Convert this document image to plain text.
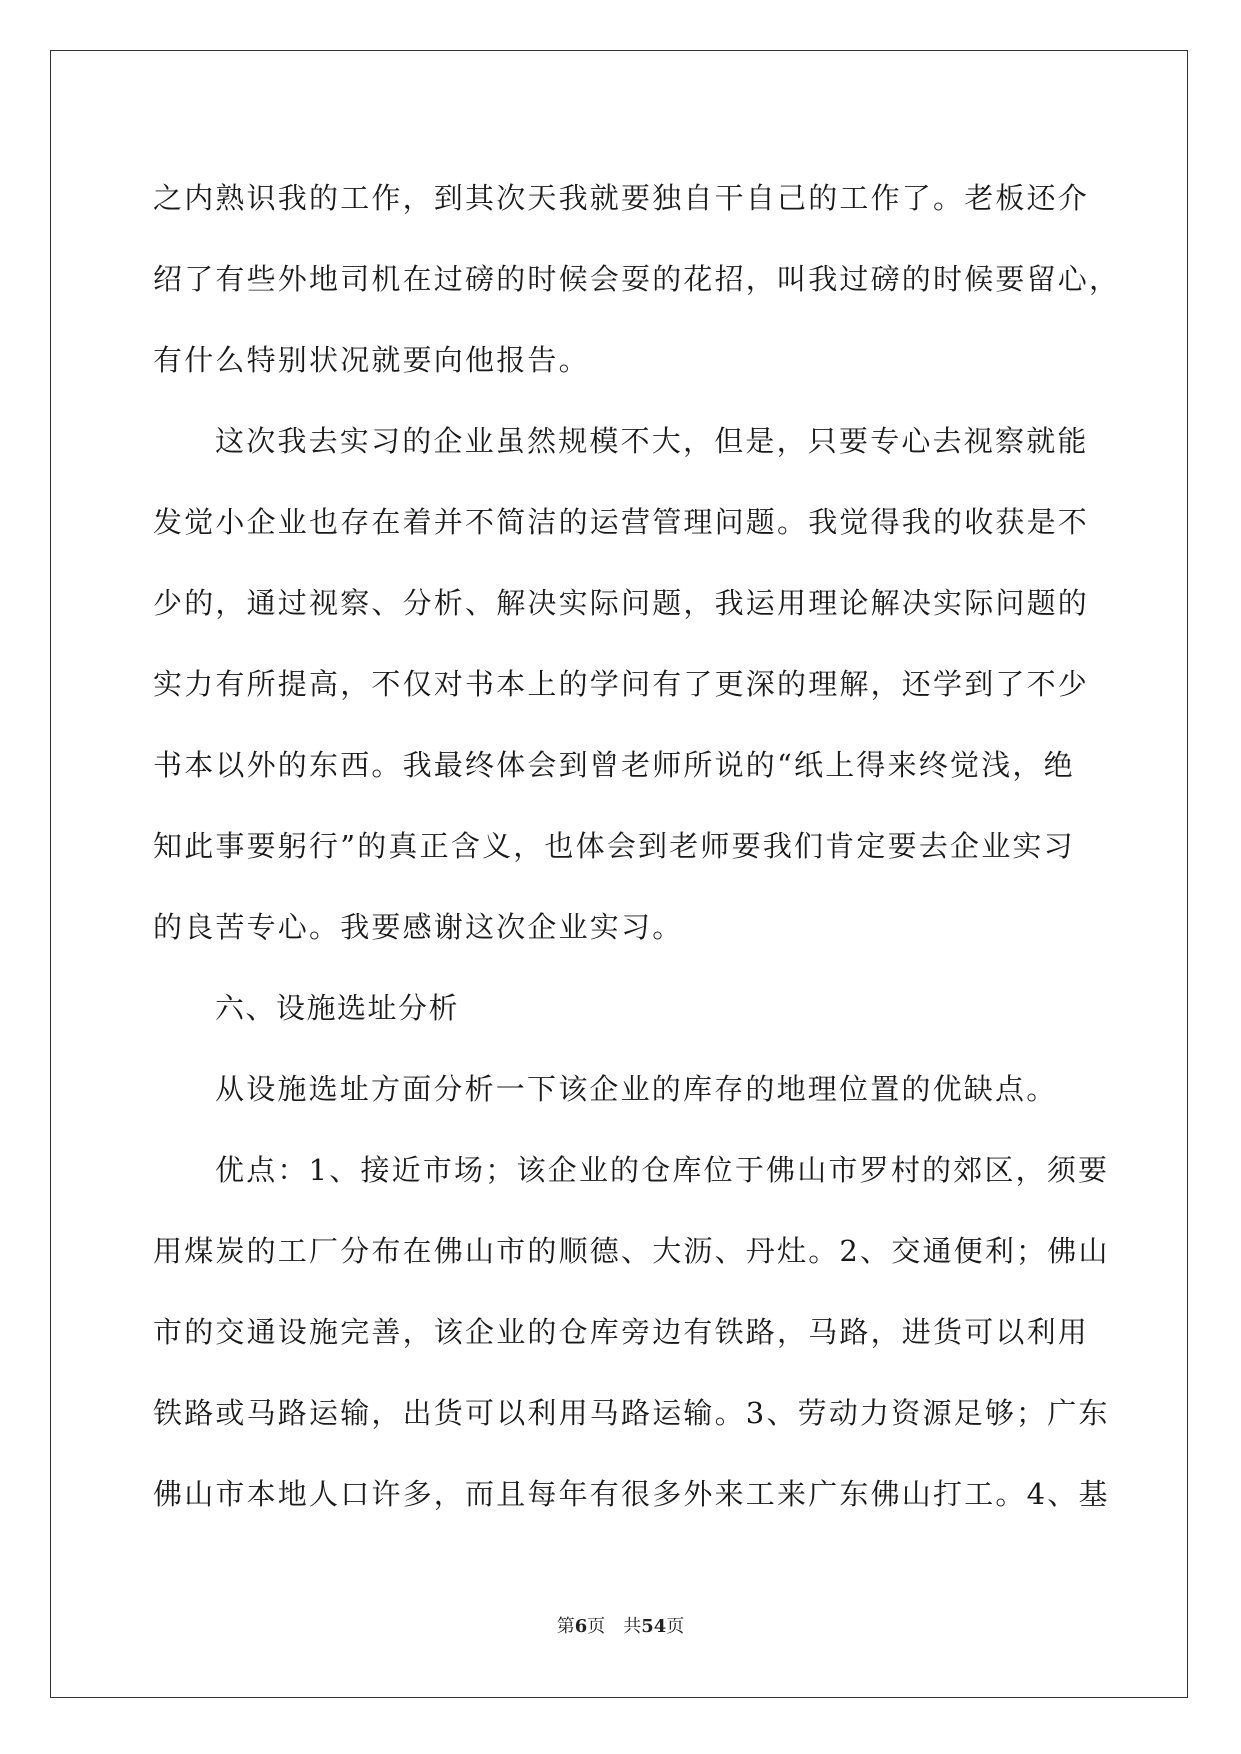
之内熟识我的工作，到其次天我就要独自干自己的工作了。老板还介
绍了有些外地司机在过磅的时候会耍的花招，叫我过磅的时候要留心，
有什么特别状况就要向他报告。
这次我去实习的企业虽然规模不大，但是，只要专心去视察就能
发觉小企业也存在着并不简洁的运营管理问题。我觉得我的收获是不
少的，通过视察、分析、解决实际问题，我运用理论解决实际问题的
实力有所提高，不仅对书本上的学问有了更深的理解，还学到了不少
书本以外的东西。我最终体会到曾老师所说的“纸上得来终觉浅，绝
知此事要躬行”的真正含义，也体会到老师要我们肯定要去企业实习
的良苦专心。我要感谢这次企业实习。
六、设施选址分析
从设施选址方面分析一下该企业的库存的地理位置的优缺点。
优点：1、接近市场；该企业的仓库位于佛山市罗村的郊区，须要
用煤炭的工厂分布在佛山市的顺德、大沥、丹灶。2、交通便利；佛山
市的交通设施完善，该企业的仓库旁边有铁路，马路，进货可以利用
铁路或马路运输，出货可以利用马路运输。3、劳动力资源足够；广东
佛山市本地人口许多，而且每年有很多外来工来广东佛山打工。4、基
第6页 共54页
